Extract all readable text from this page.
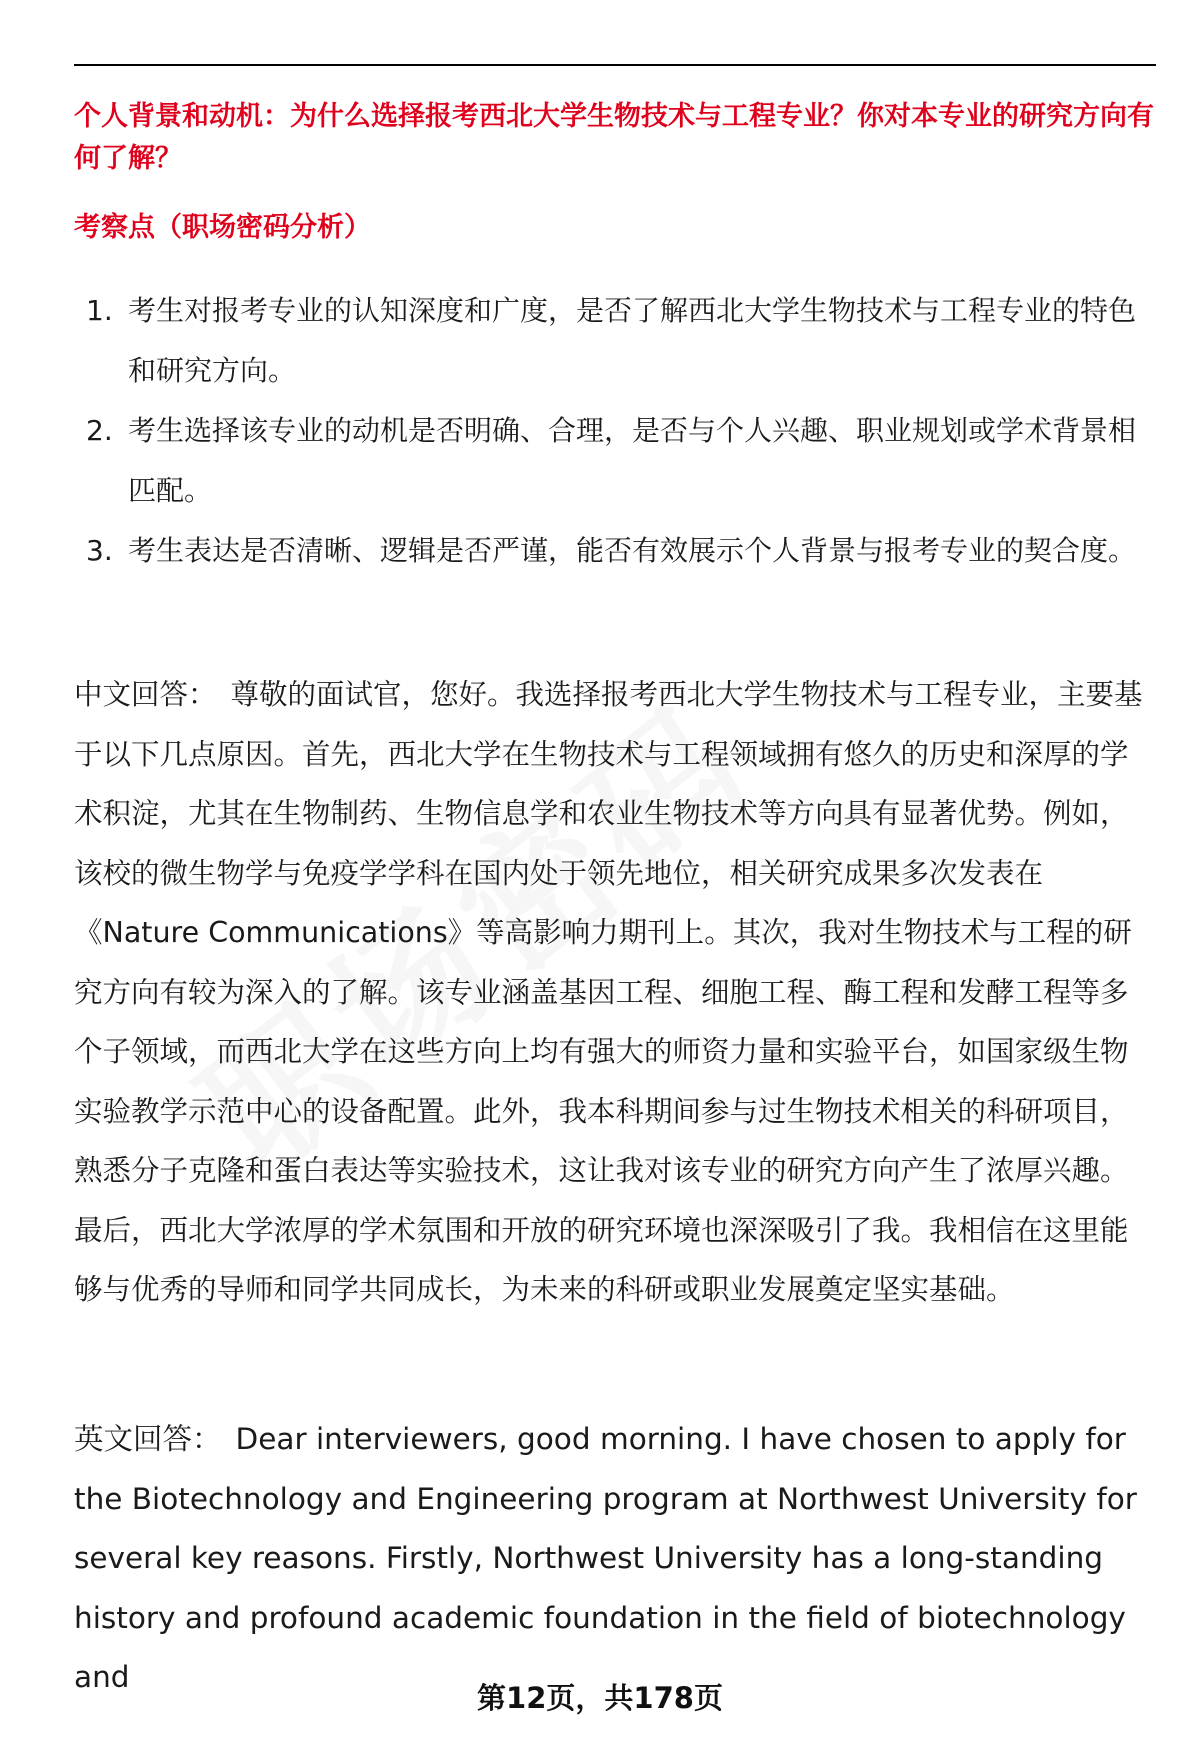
个人背景和动机：为什么选择报考西北大学生物技术与工程专业？你对本专业的研究方向有何了解？
考察点（职场密码分析）
1. 考生对报考专业的认知深度和广度，是否了解西北大学生物技术与工程专业的特色和研究方向。
2. 考生选择该专业的动机是否明确、合理，是否与个人兴趣、职业规划或学术背景相匹配。
3. 考生表达是否清晰、逻辑是否严谨，能否有效展示个人背景与报考专业的契合度。

中文回答： 尊敬的面试官，您好。我选择报考西北大学生物技术与工程专业，主要基于以下几点原因。首先，西北大学在生物技术与工程领域拥有悠久的历史和深厚的学术积淀，尤其在生物制药、生物信息学和农业生物技术等方向具有显著优势。例如，该校的微生物学与免疫学学科在国内处于领先地位，相关研究成果多次发表在《Nature Communications》等高影响力期刊上。其次，我对生物技术与工程的研究方向有较为深入的了解。该专业涵盖基因工程、细胞工程、酶工程和发酵工程等多个子领域，而西北大学在这些方向上均有强大的师资力量和实验平台，如国家级生物实验教学示范中心的设备配置。此外，我本科期间参与过生物技术相关的科研项目，熟悉分子克隆和蛋白表达等实验技术，这让我对该专业的研究方向产生了浓厚兴趣。最后，西北大学浓厚的学术氛围和开放的研究环境也深深吸引了我。我相信在这里能够与优秀的导师和同学共同成长，为未来的科研或职业发展奠定坚实基础。

英文回答： Dear interviewers, good morning. I have chosen to apply for the Biotechnology and Engineering program at Northwest University for several key reasons. Firstly, Northwest University has a long-standing history and profound academic foundation in the field of biotechnology and

第12页，共178页
